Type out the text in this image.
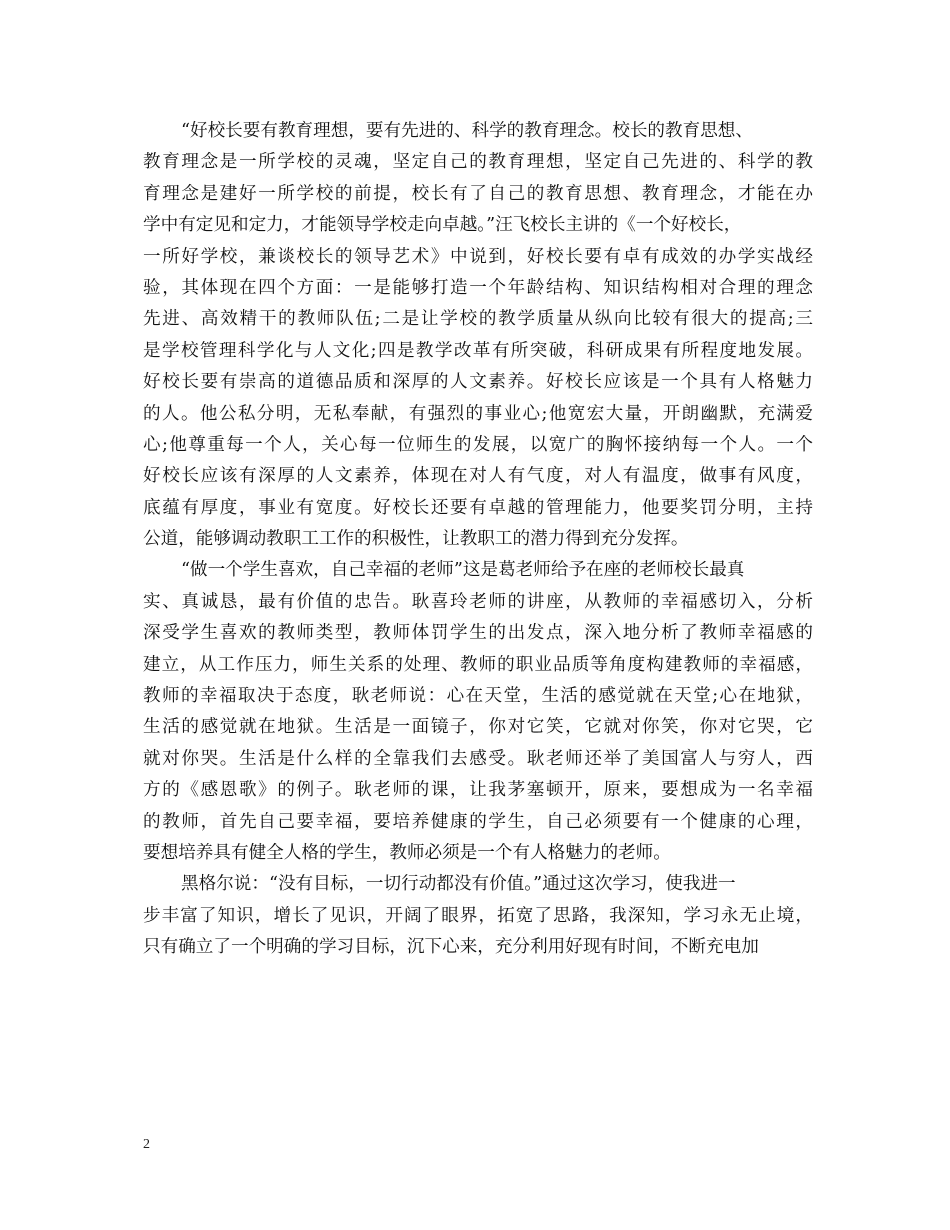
“好校长要有教育理想，要有先进的、科学的教育理念。校长的教育思想、
教育理念是一所学校的灵魂，坚定自己的教育理想，坚定自己先进的、科学的教
育理念是建好一所学校的前提，校长有了自己的教育思想、教育理念，才能在办
学中有定见和定力，才能领导学校走向卓越。”汪飞校长主讲的《一个好校长，
一所好学校，兼谈校长的领导艺术》中说到，好校长要有卓有成效的办学实战经
验，其体现在四个方面：一是能够打造一个年龄结构、知识结构相对合理的理念
先进、高效精干的教师队伍;二是让学校的教学质量从纵向比较有很大的提高;三
是学校管理科学化与人文化;四是教学改革有所突破，科研成果有所程度地发展。
好校长要有崇高的道德品质和深厚的人文素养。好校长应该是一个具有人格魅力
的人。他公私分明，无私奉献，有强烈的事业心;他宽宏大量，开朗幽默，充满爱
心;他尊重每一个人，关心每一位师生的发展，以宽广的胸怀接纳每一个人。一个
好校长应该有深厚的人文素养，体现在对人有气度，对人有温度，做事有风度，
底蕴有厚度，事业有宽度。好校长还要有卓越的管理能力，他要奖罚分明，主持
公道，能够调动教职工工作的积极性，让教职工的潜力得到充分发挥。
“做一个学生喜欢，自己幸福的老师”这是葛老师给予在座的老师校长最真
实、真诚恳，最有价值的忠告。耿喜玲老师的讲座，从教师的幸福感切入，分析
深受学生喜欢的教师类型，教师体罚学生的出发点，深入地分析了教师幸福感的
建立，从工作压力，师生关系的处理、教师的职业品质等角度构建教师的幸福感，
教师的幸福取决于态度，耿老师说：心在天堂，生活的感觉就在天堂;心在地狱，
生活的感觉就在地狱。生活是一面镜子，你对它笑，它就对你笑，你对它哭，它
就对你哭。生活是什么样的全靠我们去感受。耿老师还举了美国富人与穷人，西
方的《感恩歌》的例子。耿老师的课，让我茅塞顿开，原来，要想成为一名幸福
的教师，首先自己要幸福，要培养健康的学生，自己必须要有一个健康的心理，
要想培养具有健全人格的学生，教师必须是一个有人格魅力的老师。
黑格尔说：“没有目标，一切行动都没有价值。”通过这次学习，使我进一
步丰富了知识，增长了见识，开阔了眼界，拓宽了思路，我深知，学习永无止境，
只有确立了一个明确的学习目标，沉下心来，充分利用好现有时间，不断充电加
2
